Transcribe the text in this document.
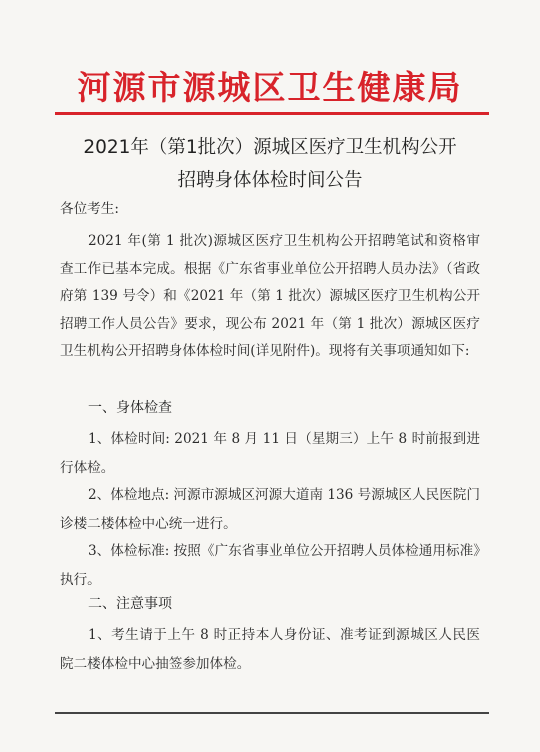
河源市源城区卫生健康局
2021年（第1批次）源城区医疗卫生机构公开
招聘身体体检时间公告
各位考生:
2021 年(第 1 批次)源城区医疗卫生机构公开招聘笔试和资格审查工作已基本完成。根据《广东省事业单位公开招聘人员办法》（省政府第 139 号令）和《2021 年（第 1 批次）源城区医疗卫生机构公开招聘工作人员公告》要求，现公布 2021 年（第 1 批次）源城区医疗卫生机构公开招聘身体体检时间(详见附件)。现将有关事项通知如下:
一、身体检查
1、体检时间: 2021 年 8 月 11 日（星期三）上午 8 时前报到进行体检。
2、体检地点: 河源市源城区河源大道南 136 号源城区人民医院门诊楼二楼体检中心统一进行。
3、体检标准: 按照《广东省事业单位公开招聘人员体检通用标准》执行。
二、注意事项
1、考生请于上午 8 时正持本人身份证、准考证到源城区人民医院二楼体检中心抽签参加体检。
